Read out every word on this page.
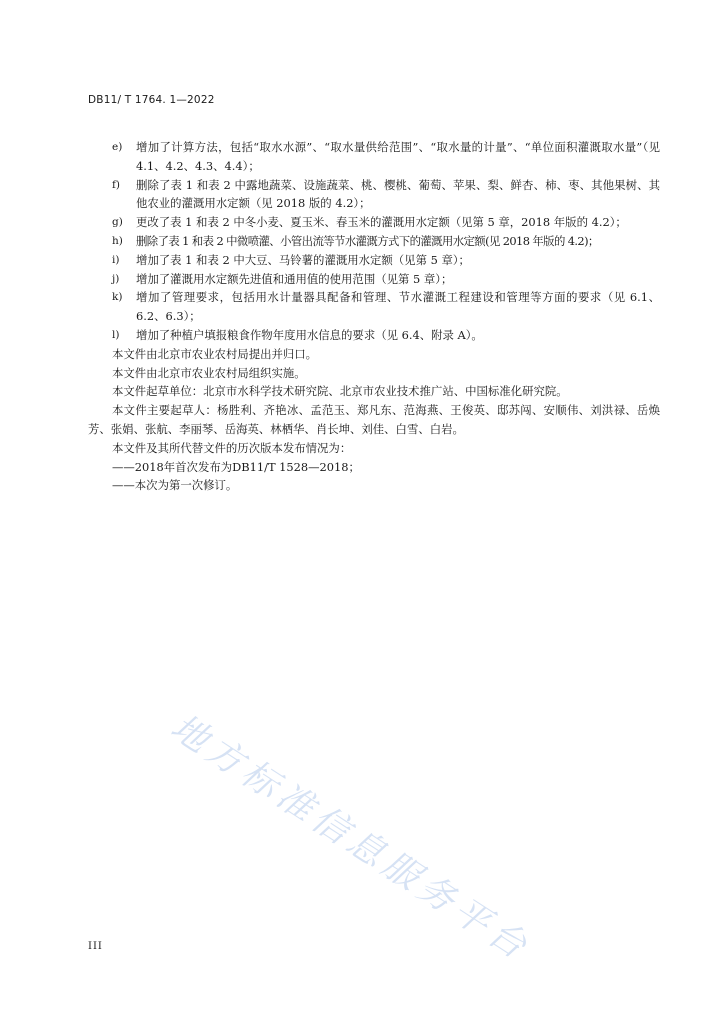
DB11/ T 1764. 1—2022
e)	增加了计算方法，包括“取水水源”、“取水量供给范围”、“取水量的计量”、“单位面积灌溉取水量”（见 4.1、4.2、4.3、4.4）；
f)	删除了表 1 和表 2 中露地蔬菜、设施蔬菜、桃、樱桃、葡萄、苹果、梨、鲜杏、柿、枣、其他果树、其他农业的灌溉用水定额（见 2018 版的 4.2）；
g)	更改了表 1 和表 2 中冬小麦、夏玉米、春玉米的灌溉用水定额（见第 5 章，2018 年版的 4.2）；
h)	删除了表 1 和表 2 中微喷灌、小管出流等节水灌溉方式下的灌溉用水定额(见 2018 年版的 4.2)；
i)	增加了表 1 和表 2 中大豆、马铃薯的灌溉用水定额（见第 5 章）；
j)	增加了灌溉用水定额先进值和通用值的使用范围（见第 5 章）；
k)	增加了管理要求，包括用水计量器具配备和管理、节水灌溉工程建设和管理等方面的要求（见 6.1、6.2、6.3）；
l)	增加了种植户填报粮食作物年度用水信息的要求（见 6.4、附录 A）。
本文件由北京市农业农村局提出并归口。
本文件由北京市农业农村局组织实施。
本文件起草单位：北京市水科学技术研究院、北京市农业技术推广站、中国标准化研究院。
本文件主要起草人：杨胜利、齐艳冰、孟范玉、郑凡东、范海燕、王俊英、邸苏闯、安顺伟、刘洪禄、岳焕芳、张娟、张航、李丽琴、岳海英、林栖华、肖长坤、刘佳、白雪、白岩。
本文件及其所代替文件的历次版本发布情况为：
——2018年首次发布为DB11/T 1528—2018；
——本次为第一次修订。
地方标准信息服务平台
III
